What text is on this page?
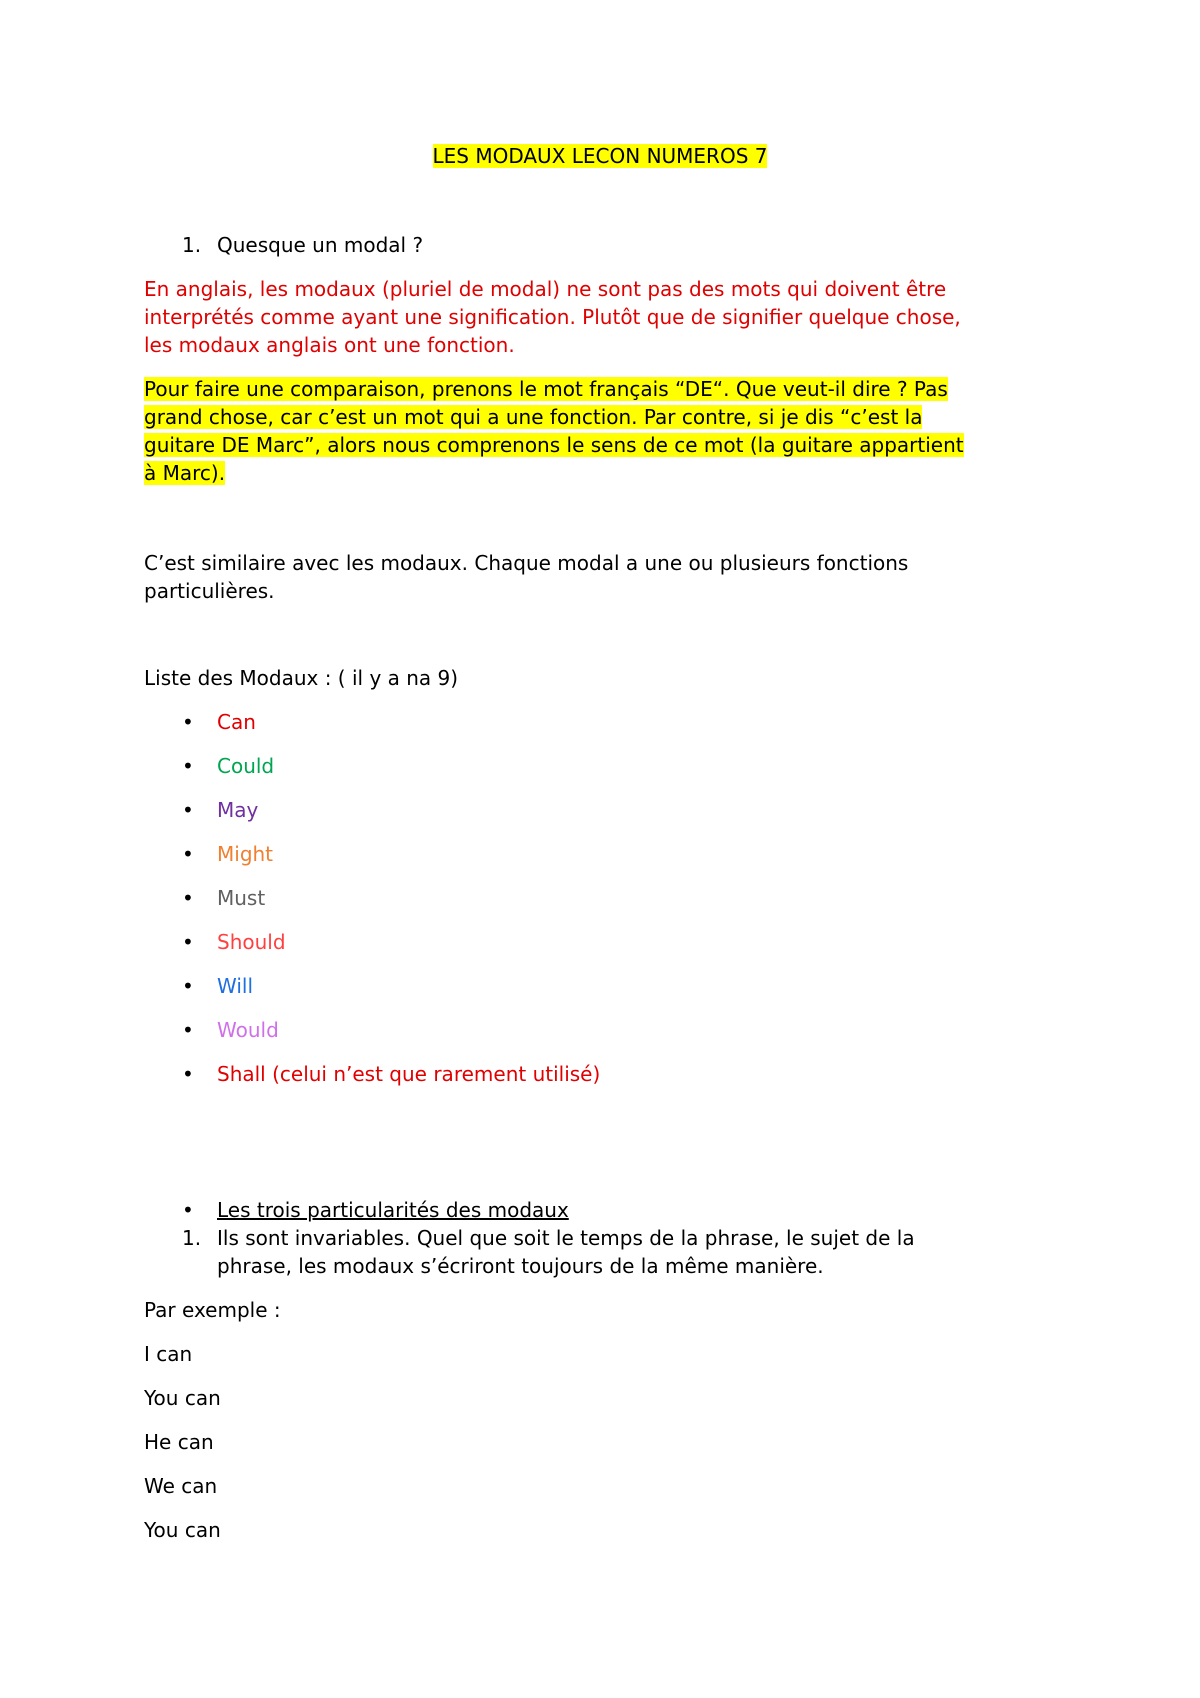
LES MODAUX LECON NUMEROS 7
1. Quesque un modal ?
En anglais, les modaux (pluriel de modal) ne sont pas des mots qui doivent être
interprétés comme ayant une signification. Plutôt que de signifier quelque chose,
les modaux anglais ont une fonction.
Pour faire une comparaison, prenons le mot français “DE“. Que veut-il dire ? Pas
grand chose, car c’est un mot qui a une fonction. Par contre, si je dis “c’est la
guitare DE Marc”, alors nous comprenons le sens de ce mot (la guitare appartient
à Marc).
C’est similaire avec les modaux. Chaque modal a une ou plusieurs fonctions
particulières.
Liste des Modaux : ( il y a na 9)
• Can
• Could
• May
• Might
• Must
• Should
• Will
• Would
• Shall (celui n’est que rarement utilisé)
• Les trois particularités des modaux
1. Ils sont invariables. Quel que soit le temps de la phrase, le sujet de la
phrase, les modaux s’écriront toujours de la même manière.
Par exemple :
I can
You can
He can
We can
You can
